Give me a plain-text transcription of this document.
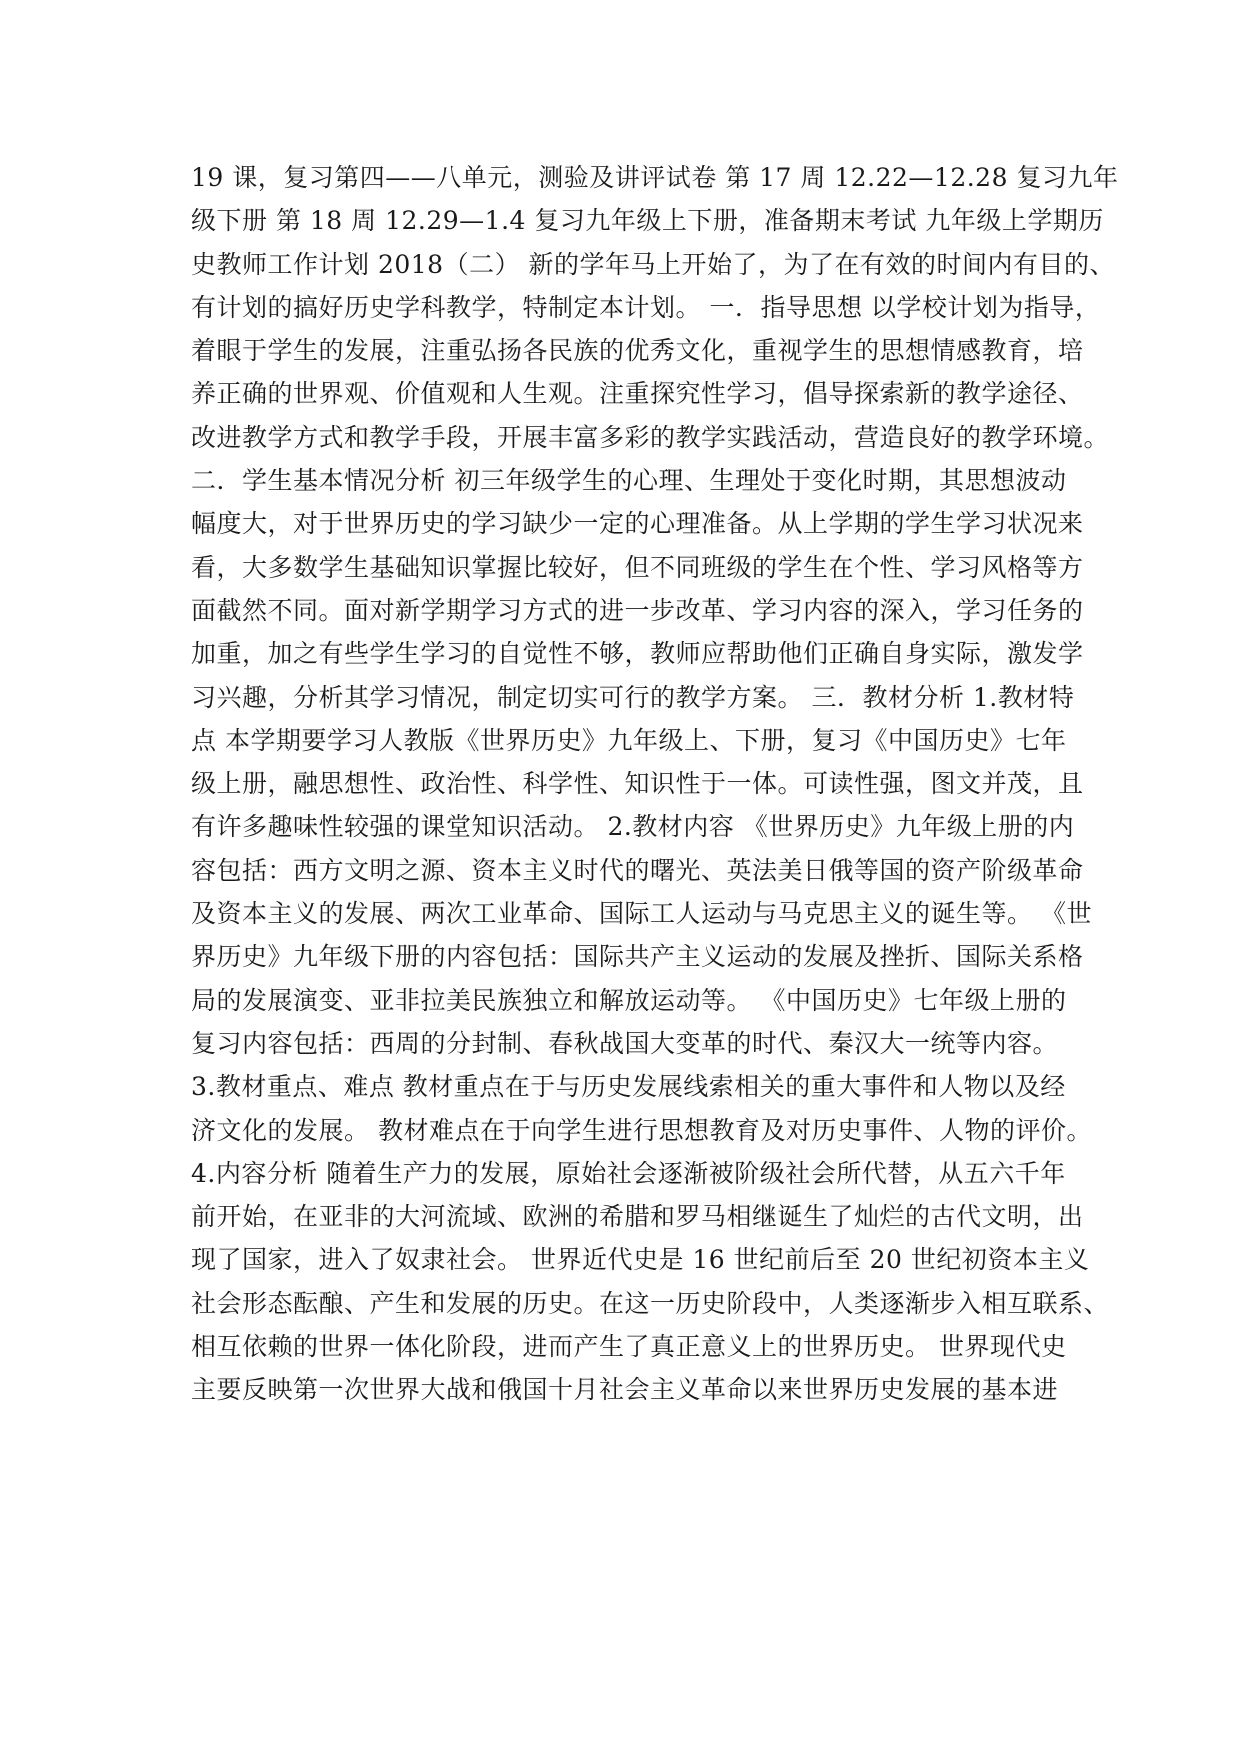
19 课，复习第四——八单元，测验及讲评试卷 第 17 周 12.22—12.28 复习九年
级下册 第 18 周 12.29—1.4 复习九年级上下册，准备期末考试 九年级上学期历
史教师工作计划 2018（二） 新的学年马上开始了，为了在有效的时间内有目的、
有计划的搞好历史学科教学，特制定本计划。 一．指导思想 以学校计划为指导，
着眼于学生的发展，注重弘扬各民族的优秀文化，重视学生的思想情感教育，培
养正确的世界观、价值观和人生观。注重探究性学习，倡导探索新的教学途径、
改进教学方式和教学手段，开展丰富多彩的教学实践活动，营造良好的教学环境。
二．学生基本情况分析 初三年级学生的心理、生理处于变化时期，其思想波动
幅度大，对于世界历史的学习缺少一定的心理准备。从上学期的学生学习状况来
看，大多数学生基础知识掌握比较好，但不同班级的学生在个性、学习风格等方
面截然不同。面对新学期学习方式的进一步改革、学习内容的深入，学习任务的
加重，加之有些学生学习的自觉性不够，教师应帮助他们正确自身实际，激发学
习兴趣，分析其学习情况，制定切实可行的教学方案。 三．教材分析 1.教材特
点 本学期要学习人教版《世界历史》九年级上、下册，复习《中国历史》七年
级上册，融思想性、政治性、科学性、知识性于一体。可读性强，图文并茂，且
有许多趣味性较强的课堂知识活动。 2.教材内容 《世界历史》九年级上册的内
容包括：西方文明之源、资本主义时代的曙光、英法美日俄等国的资产阶级革命
及资本主义的发展、两次工业革命、国际工人运动与马克思主义的诞生等。 《世
界历史》九年级下册的内容包括：国际共产主义运动的发展及挫折、国际关系格
局的发展演变、亚非拉美民族独立和解放运动等。 《中国历史》七年级上册的
复习内容包括：西周的分封制、春秋战国大变革的时代、秦汉大一统等内容。
3.教材重点、难点 教材重点在于与历史发展线索相关的重大事件和人物以及经
济文化的发展。 教材难点在于向学生进行思想教育及对历史事件、人物的评价。
4.内容分析 随着生产力的发展，原始社会逐渐被阶级社会所代替，从五六千年
前开始，在亚非的大河流域、欧洲的希腊和罗马相继诞生了灿烂的古代文明，出
现了国家，进入了奴隶社会。 世界近代史是 16 世纪前后至 20 世纪初资本主义
社会形态酝酿、产生和发展的历史。在这一历史阶段中，人类逐渐步入相互联系、
相互依赖的世界一体化阶段，进而产生了真正意义上的世界历史。 世界现代史
主要反映第一次世界大战和俄国十月社会主义革命以来世界历史发展的基本进
